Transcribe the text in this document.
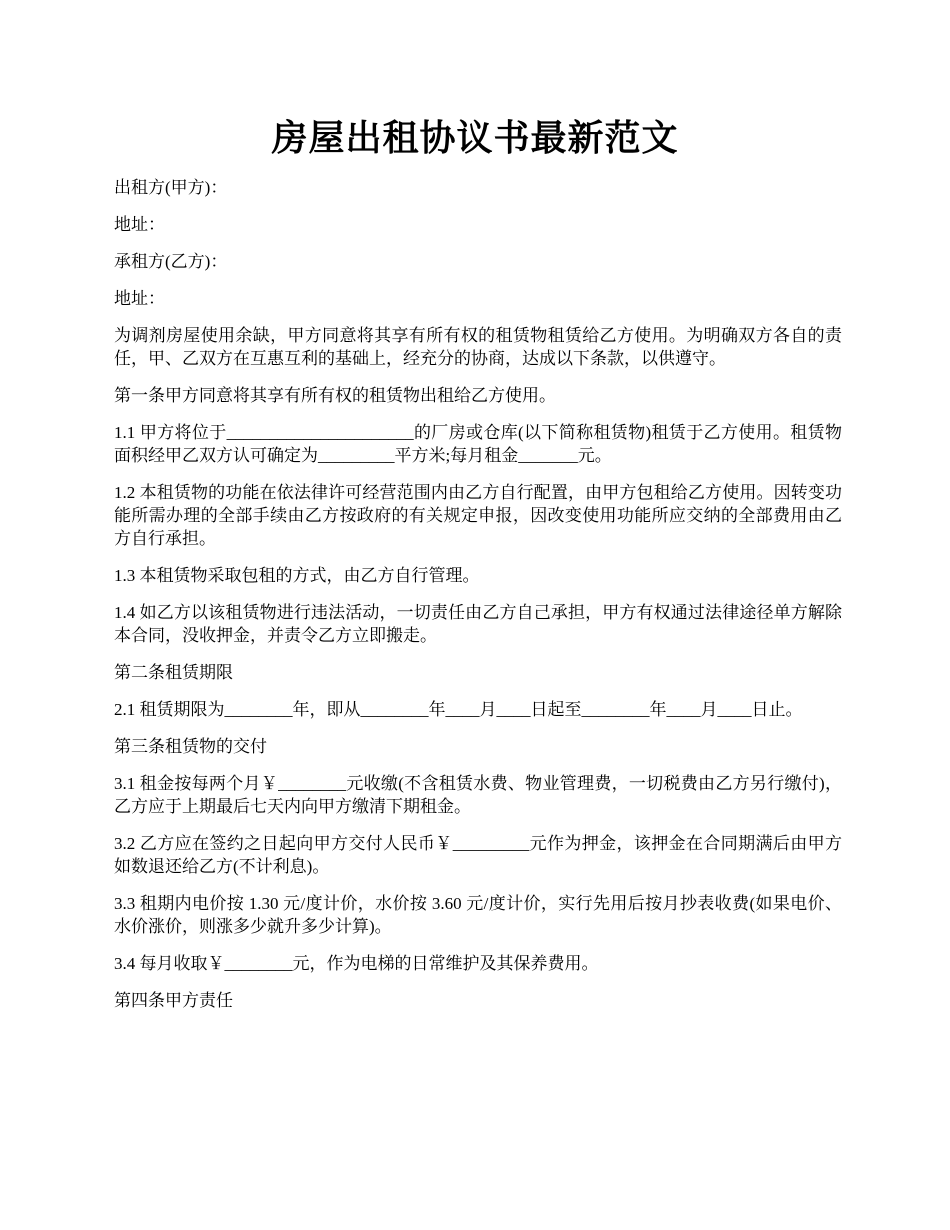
房屋出租协议书最新范文

出租方(甲方)：

地址：

承租方(乙方)：

地址：

为调剂房屋使用余缺，甲方同意将其享有所有权的租赁物租赁给乙方使用。为明确双方各自的责任，甲、乙双方在互惠互利的基础上，经充分的协商，达成以下条款，以供遵守。

第一条甲方同意将其享有所有权的租赁物出租给乙方使用。

1.1 甲方将位于______________________的厂房或仓库(以下简称租赁物)租赁于乙方使用。租赁物面积经甲乙双方认可确定为_________平方米;每月租金_______元。

1.2 本租赁物的功能在依法律许可经营范围内由乙方自行配置，由甲方包租给乙方使用。因转变功能所需办理的全部手续由乙方按政府的有关规定申报，因改变使用功能所应交纳的全部费用由乙方自行承担。

1.3 本租赁物采取包租的方式，由乙方自行管理。

1.4 如乙方以该租赁物进行违法活动，一切责任由乙方自己承担，甲方有权通过法律途径单方解除本合同，没收押金，并责令乙方立即搬走。

第二条租赁期限

2.1 租赁期限为________年，即从________年____月____日起至________年____月____日止。

第三条租赁物的交付

3.1 租金按每两个月￥________元收缴(不含租赁水费、物业管理费，一切税费由乙方另行缴付)，乙方应于上期最后七天内向甲方缴清下期租金。

3.2 乙方应在签约之日起向甲方交付人民币￥_________元作为押金，该押金在合同期满后由甲方如数退还给乙方(不计利息)。

3.3 租期内电价按 1.30 元/度计价，水价按 3.60 元/度计价，实行先用后按月抄表收费(如果电价、水价涨价，则涨多少就升多少计算)。

3.4 每月收取￥________元，作为电梯的日常维护及其保养费用。

第四条甲方责任
